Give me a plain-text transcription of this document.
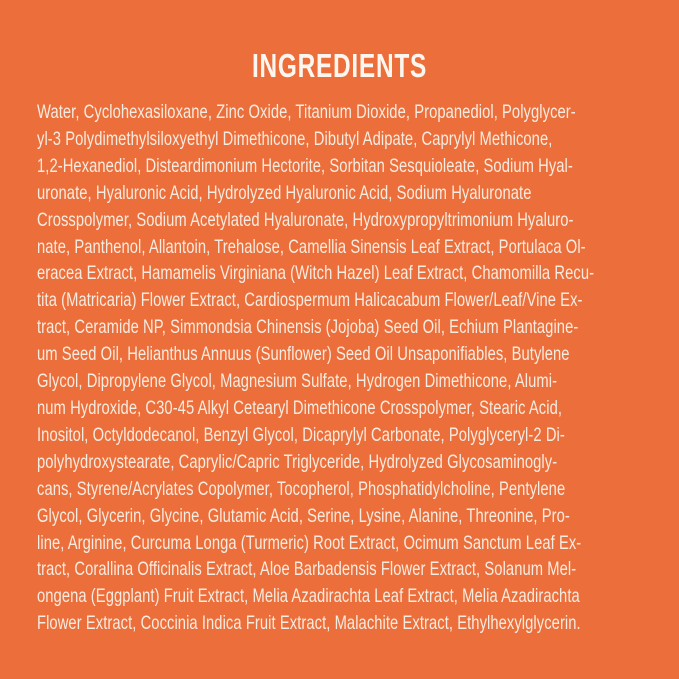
INGREDIENTS
Water, Cyclohexasiloxane, Zinc Oxide, Titanium Dioxide, Propanediol, Polyglycer-
yl-3 Polydimethylsiloxyethyl Dimethicone, Dibutyl Adipate, Caprylyl Methicone,
1,2-Hexanediol, Disteardimonium Hectorite, Sorbitan Sesquioleate, Sodium Hyal-
uronate, Hyaluronic Acid, Hydrolyzed Hyaluronic Acid, Sodium Hyaluronate
Crosspolymer, Sodium Acetylated Hyaluronate, Hydroxypropyltrimonium Hyaluro-
nate, Panthenol, Allantoin, Trehalose, Camellia Sinensis Leaf Extract, Portulaca Ol-
eracea Extract, Hamamelis Virginiana (Witch Hazel) Leaf Extract, Chamomilla Recu-
tita (Matricaria) Flower Extract, Cardiospermum Halicacabum Flower/Leaf/Vine Ex-
tract, Ceramide NP, Simmondsia Chinensis (Jojoba) Seed Oil, Echium Plantagine-
um Seed Oil, Helianthus Annuus (Sunflower) Seed Oil Unsaponifiables, Butylene
Glycol, Dipropylene Glycol, Magnesium Sulfate, Hydrogen Dimethicone, Alumi-
num Hydroxide, C30-45 Alkyl Cetearyl Dimethicone Crosspolymer, Stearic Acid,
Inositol, Octyldodecanol, Benzyl Glycol, Dicaprylyl Carbonate, Polyglyceryl-2 Di-
polyhydroxystearate, Caprylic/Capric Triglyceride, Hydrolyzed Glycosaminogly-
cans, Styrene/Acrylates Copolymer, Tocopherol, Phosphatidylcholine, Pentylene
Glycol, Glycerin, Glycine, Glutamic Acid, Serine, Lysine, Alanine, Threonine, Pro-
line, Arginine, Curcuma Longa (Turmeric) Root Extract, Ocimum Sanctum Leaf Ex-
tract, Corallina Officinalis Extract, Aloe Barbadensis Flower Extract, Solanum Mel-
ongena (Eggplant) Fruit Extract, Melia Azadirachta Leaf Extract, Melia Azadirachta
Flower Extract, Coccinia Indica Fruit Extract, Malachite Extract, Ethylhexylglycerin.
